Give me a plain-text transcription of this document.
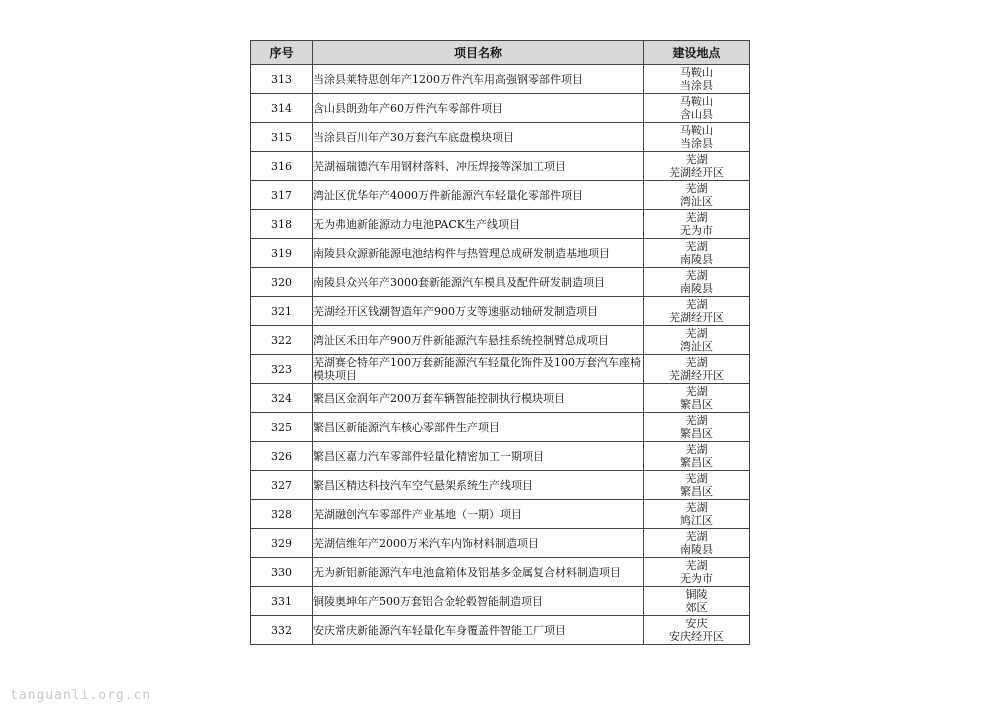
序号	项目名称	建设地点
313	当涂县莱特思创年产1200万件汽车用高强钢零部件项目	马鞍山
当涂县

314	含山县朗劲年产60万件汽车零部件项目	马鞍山
含山县

315	当涂县百川年产30万套汽车底盘模块项目	马鞍山
当涂县

316	芜湖福瑞德汽车用钢材落料、冲压焊接等深加工项目	芜湖
芜湖经开区

317	湾沚区优华年产4000万件新能源汽车轻量化零部件项目	芜湖
湾沚区

318	无为弗迪新能源动力电池PACK生产线项目	芜湖
无为市

319	南陵县众源新能源电池结构件与热管理总成研发制造基地项目	芜湖
南陵县

320	南陵县众兴年产3000套新能源汽车模具及配件研发制造项目	芜湖
南陵县

321	芜湖经开区钱潮智造年产900万支等速驱动轴研发制造项目	芜湖
芜湖经开区

322	湾沚区禾田年产900万件新能源汽车悬挂系统控制臂总成项目	芜湖
湾沚区

323	芜湖赛仑特年产100万套新能源汽车轻量化饰件及100万套汽车座椅模块项目	芜湖
芜湖经开区

324	繁昌区金润年产200万套车辆智能控制执行模块项目	芜湖
繁昌区

325	繁昌区新能源汽车核心零部件生产项目	芜湖
繁昌区

326	繁昌区嘉力汽车零部件轻量化精密加工一期项目	芜湖
繁昌区

327	繁昌区精达科技汽车空气悬架系统生产线项目	芜湖
繁昌区

328	芜湖融创汽车零部件产业基地（一期）项目	芜湖
鸠江区

329	芜湖信维年产2000万米汽车内饰材料制造项目	芜湖
南陵县

330	无为新铝新能源汽车电池盒箱体及铝基多金属复合材料制造项目	芜湖
无为市

331	铜陵奥坤年产500万套铝合金轮毂智能制造项目	铜陵
郊区

332	安庆常庆新能源汽车轻量化车身覆盖件智能工厂项目	安庆
安庆经开区
tanguanli.org.cn
